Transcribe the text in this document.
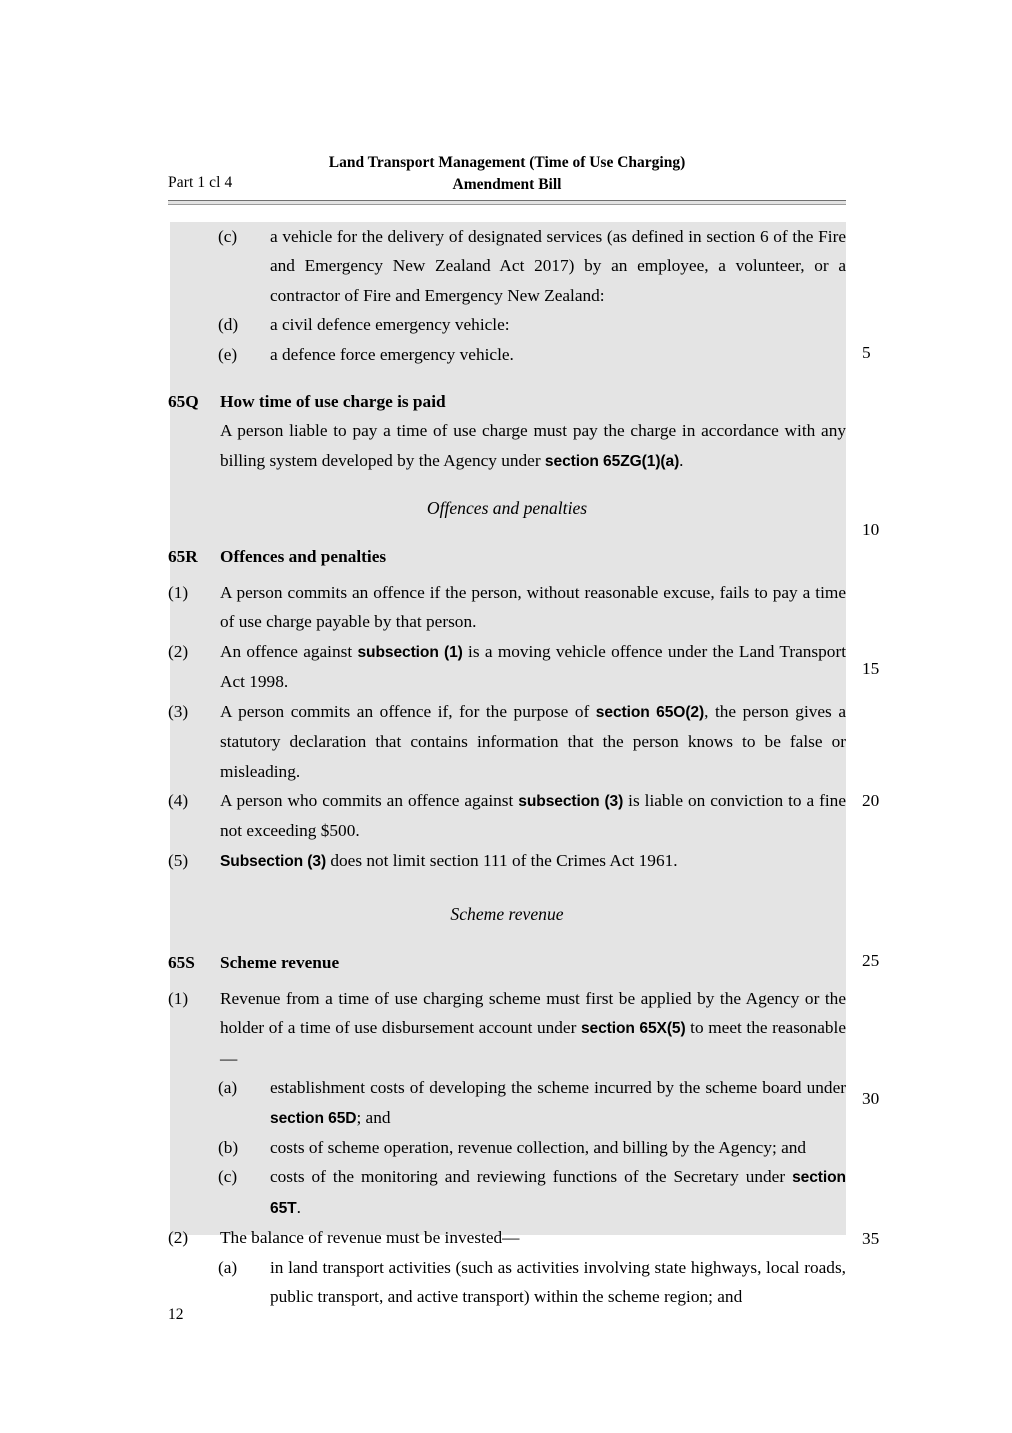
Part 1 cl 4
Land Transport Management (Time of Use Charging)
Amendment Bill
(c)	a vehicle for the delivery of designated services (as defined in section 6 of the Fire and Emergency New Zealand Act 2017) by an employee, a volunteer, or a contractor of Fire and Emergency New Zealand:
(d)	a civil defence emergency vehicle:
(e)	a defence force emergency vehicle.
65Q	How time of use charge is paid
A person liable to pay a time of use charge must pay the charge in accordance with any billing system developed by the Agency under section 65ZG(1)(a).
Offences and penalties
65R	Offences and penalties
(1)	A person commits an offence if the person, without reasonable excuse, fails to pay a time of use charge payable by that person.
(2)	An offence against subsection (1) is a moving vehicle offence under the Land Transport Act 1998.
(3)	A person commits an offence if, for the purpose of section 65O(2), the person gives a statutory declaration that contains information that the person knows to be false or misleading.
(4)	A person who commits an offence against subsection (3) is liable on conviction to a fine not exceeding $500.
(5)	Subsection (3) does not limit section 111 of the Crimes Act 1961.
Scheme revenue
65S	Scheme revenue
(1)	Revenue from a time of use charging scheme must first be applied by the Agency or the holder of a time of use disbursement account under section 65X(5) to meet the reasonable—
(a)	establishment costs of developing the scheme incurred by the scheme board under section 65D; and
(b)	costs of scheme operation, revenue collection, and billing by the Agency; and
(c)	costs of the monitoring and reviewing functions of the Secretary under section 65T.
(2)	The balance of revenue must be invested—
(a)	in land transport activities (such as activities involving state highways, local roads, public transport, and active transport) within the scheme region; and
5
10
15
20
25
30
35
12
